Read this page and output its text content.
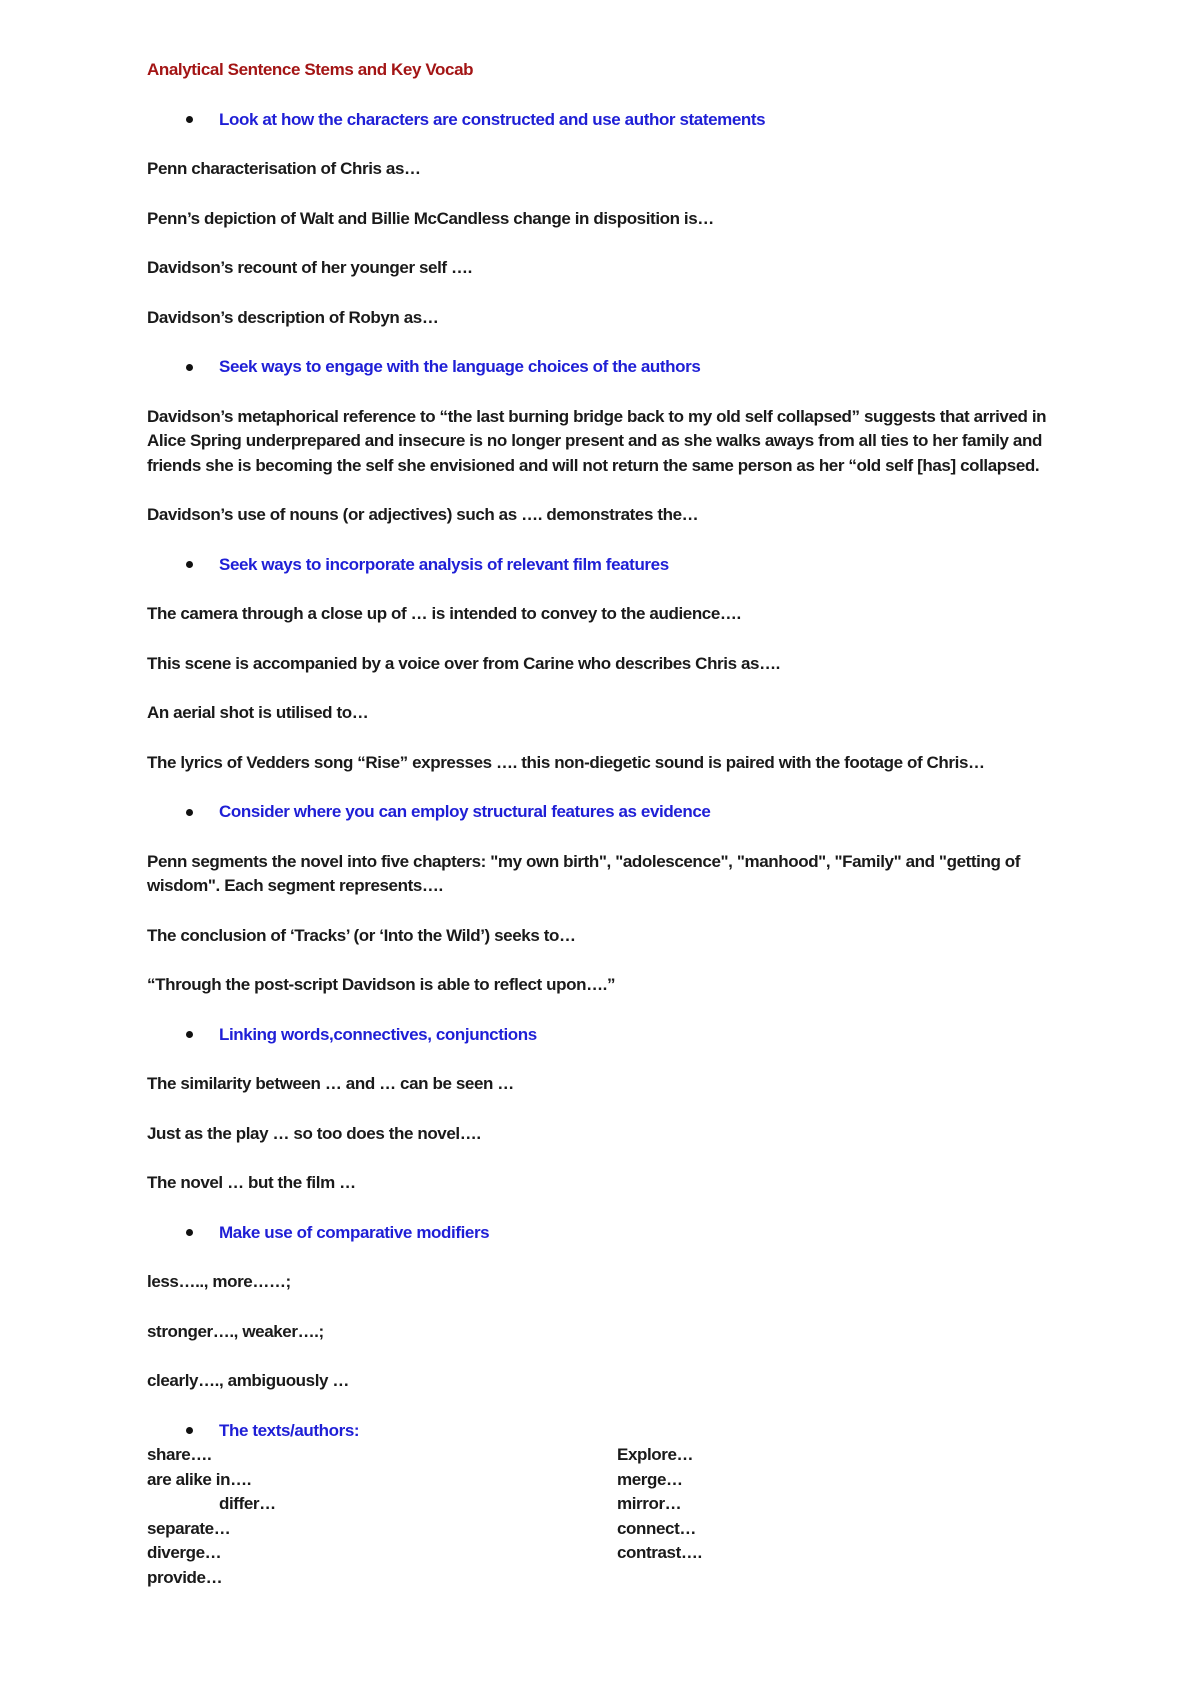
Analytical Sentence Stems and Key Vocab
Look at how the characters are constructed and use author statements
Penn characterisation of Chris as…
Penn’s depiction of Walt and Billie McCandless change in disposition is…
Davidson’s recount of her younger self ….
Davidson’s description of Robyn as…
Seek ways to engage with the language choices of the authors
Davidson’s metaphorical reference to “the last burning bridge back to my old self collapsed” suggests that arrived in Alice Spring underprepared and insecure is no longer present and as she walks aways from all ties to her family and friends she is becoming the self she envisioned and will not return the same person as her “old self [has] collapsed.
Davidson’s use of nouns (or adjectives) such as …. demonstrates the…
Seek ways to incorporate analysis of relevant film features
The camera through a close up of … is intended to convey to the audience….
This scene is accompanied by a voice over from Carine who describes Chris as….
An aerial shot is utilised to…
The lyrics of Vedders song “Rise” expresses …. this non-diegetic sound is paired with the footage of Chris…
Consider where you can employ structural features as evidence
Penn segments the novel into five chapters: "my own birth", "adolescence", "manhood", "Family" and "getting of wisdom". Each segment represents….
The conclusion of ‘Tracks’ (or ‘Into the Wild’) seeks to…
“Through the post-script Davidson is able to reflect upon….”
Linking words,connectives, conjunctions
The similarity between … and … can be seen …
Just as the play … so too does the novel….
The novel … but the film …
Make use of comparative modifiers
less….., more……;
stronger…., weaker….;
clearly…., ambiguously …
The texts/authors:
share….
are alike in….
differ…
separate…
diverge…
provide…
Explore…
merge…
mirror…
connect…
contrast….
